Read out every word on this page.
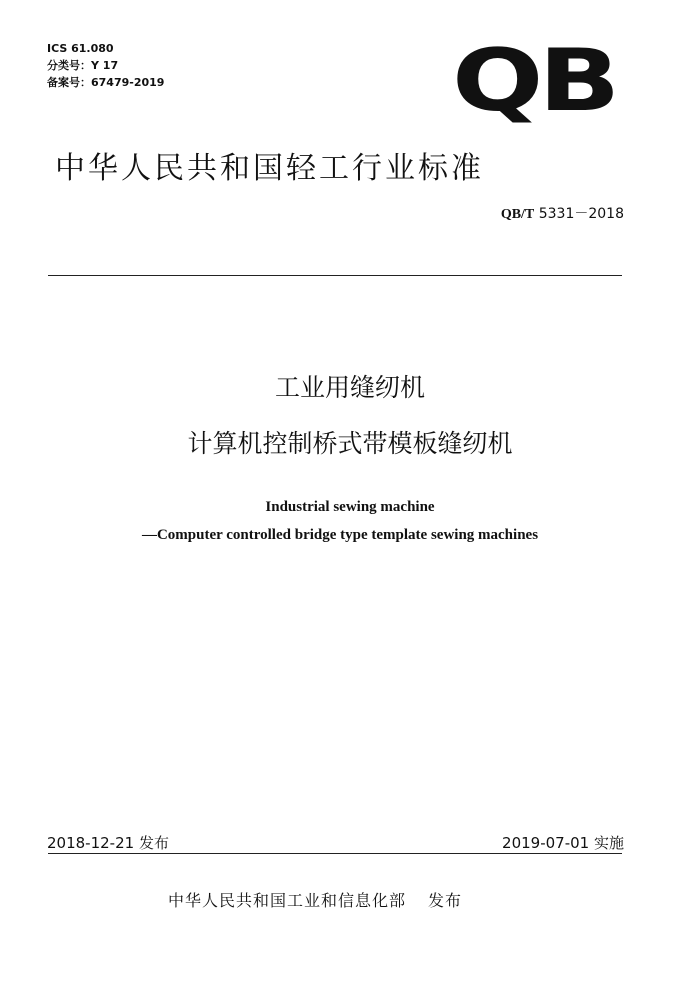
ICS 61.080
分类号：Y 17
备案号：67479-2019	QB
中华人民共和国轻工行业标准
QB/T 5331－2018
工业用缝纫机
计算机控制桥式带模板缝纫机
Industrial sewing machine
—Computer controlled bridge type template sewing machines
2018-12-21 发布	2019-07-01 实施
中华人民共和国工业和信息化部 发布
